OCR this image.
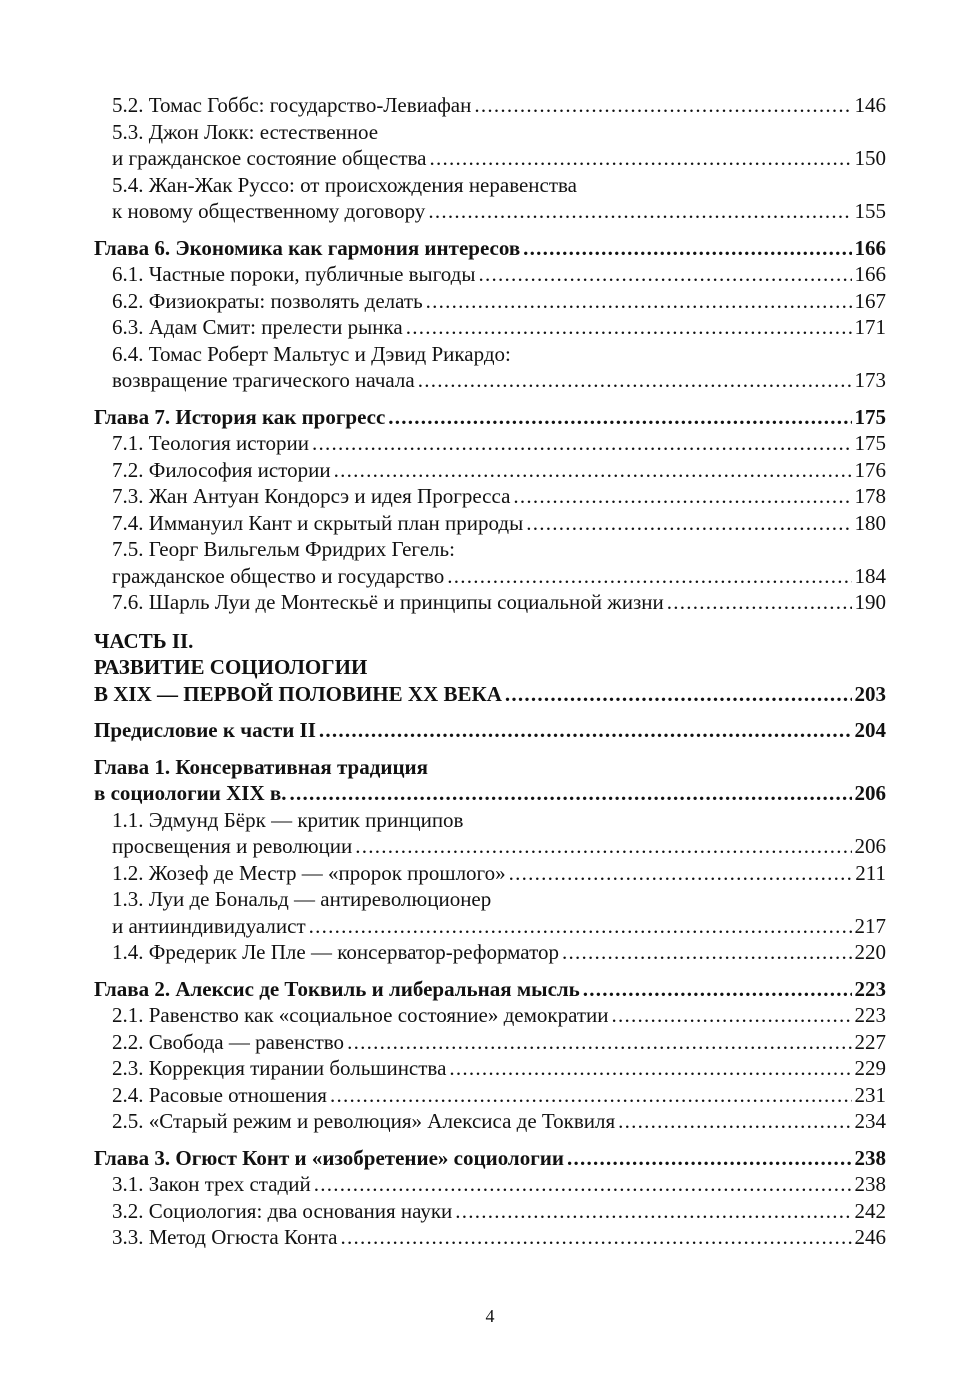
5.2. Томас Гоббс: государство-Левиафан . . .	146
5.3. Джон Локк: естественное
и гражданское состояние общества . . .	150
5.4. Жан-Жак Руссо: от происхождения неравенства
к новому общественному договору . . .	155
Глава 6. Экономика как гармония интересов . . .	166
6.1. Частные пороки, публичные выгоды . . .	166
6.2. Физиократы: позволять делать . . .	167
6.3. Адам Смит: прелести рынка . . .	171
6.4. Томас Роберт Мальтус и Дэвид Рикардо:
возвращение трагического начала . . .	173
Глава 7. История как прогресс . . .	175
7.1. Теология истории . . .	175
7.2. Философия истории . . .	176
7.3. Жан Антуан Кондорсэ и идея Прогресса . . .	178
7.4. Иммануил Кант и скрытый план природы . . .	180
7.5. Георг Вильгельм Фридрих Гегель:
гражданское общество и государство . . .	184
7.6. Шарль Луи де Монтескьё и принципы социальной жизни . . .	190
ЧАСТЬ II.
РАЗВИТИЕ СОЦИОЛОГИИ
В XIX — ПЕРВОЙ ПОЛОВИНЕ XX ВЕКА . . .	203
Предисловие к части II . . .	204
Глава 1. Консервативная традиция
в социологии XIX в. . . .	206
1.1. Эдмунд Бёрк — критик принципов
просвещения и революции . . .	206
1.2. Жозеф де Местр — «пророк прошлого» . . .	211
1.3. Луи де Бональд — антиреволюционер
и антииндивидуалист . . .	217
1.4. Фредерик Ле Пле — консерватор-реформатор . . .	220
Глава 2. Алексис де Токвиль и либеральная мысль . . .	223
2.1. Равенство как «социальное состояние» демократии . . .	223
2.2. Свобода — равенство . . .	227
2.3. Коррекция тирании большинства . . .	229
2.4. Расовые отношения . . .	231
2.5. «Старый режим и революция» Алексиса де Токвиля . . .	234
Глава 3. Огюст Конт и «изобретение» социологии . . .	238
3.1. Закон трех стадий . . .	238
3.2. Социология: два основания науки . . .	242
3.3. Метод Огюста Конта . . .	246
4
